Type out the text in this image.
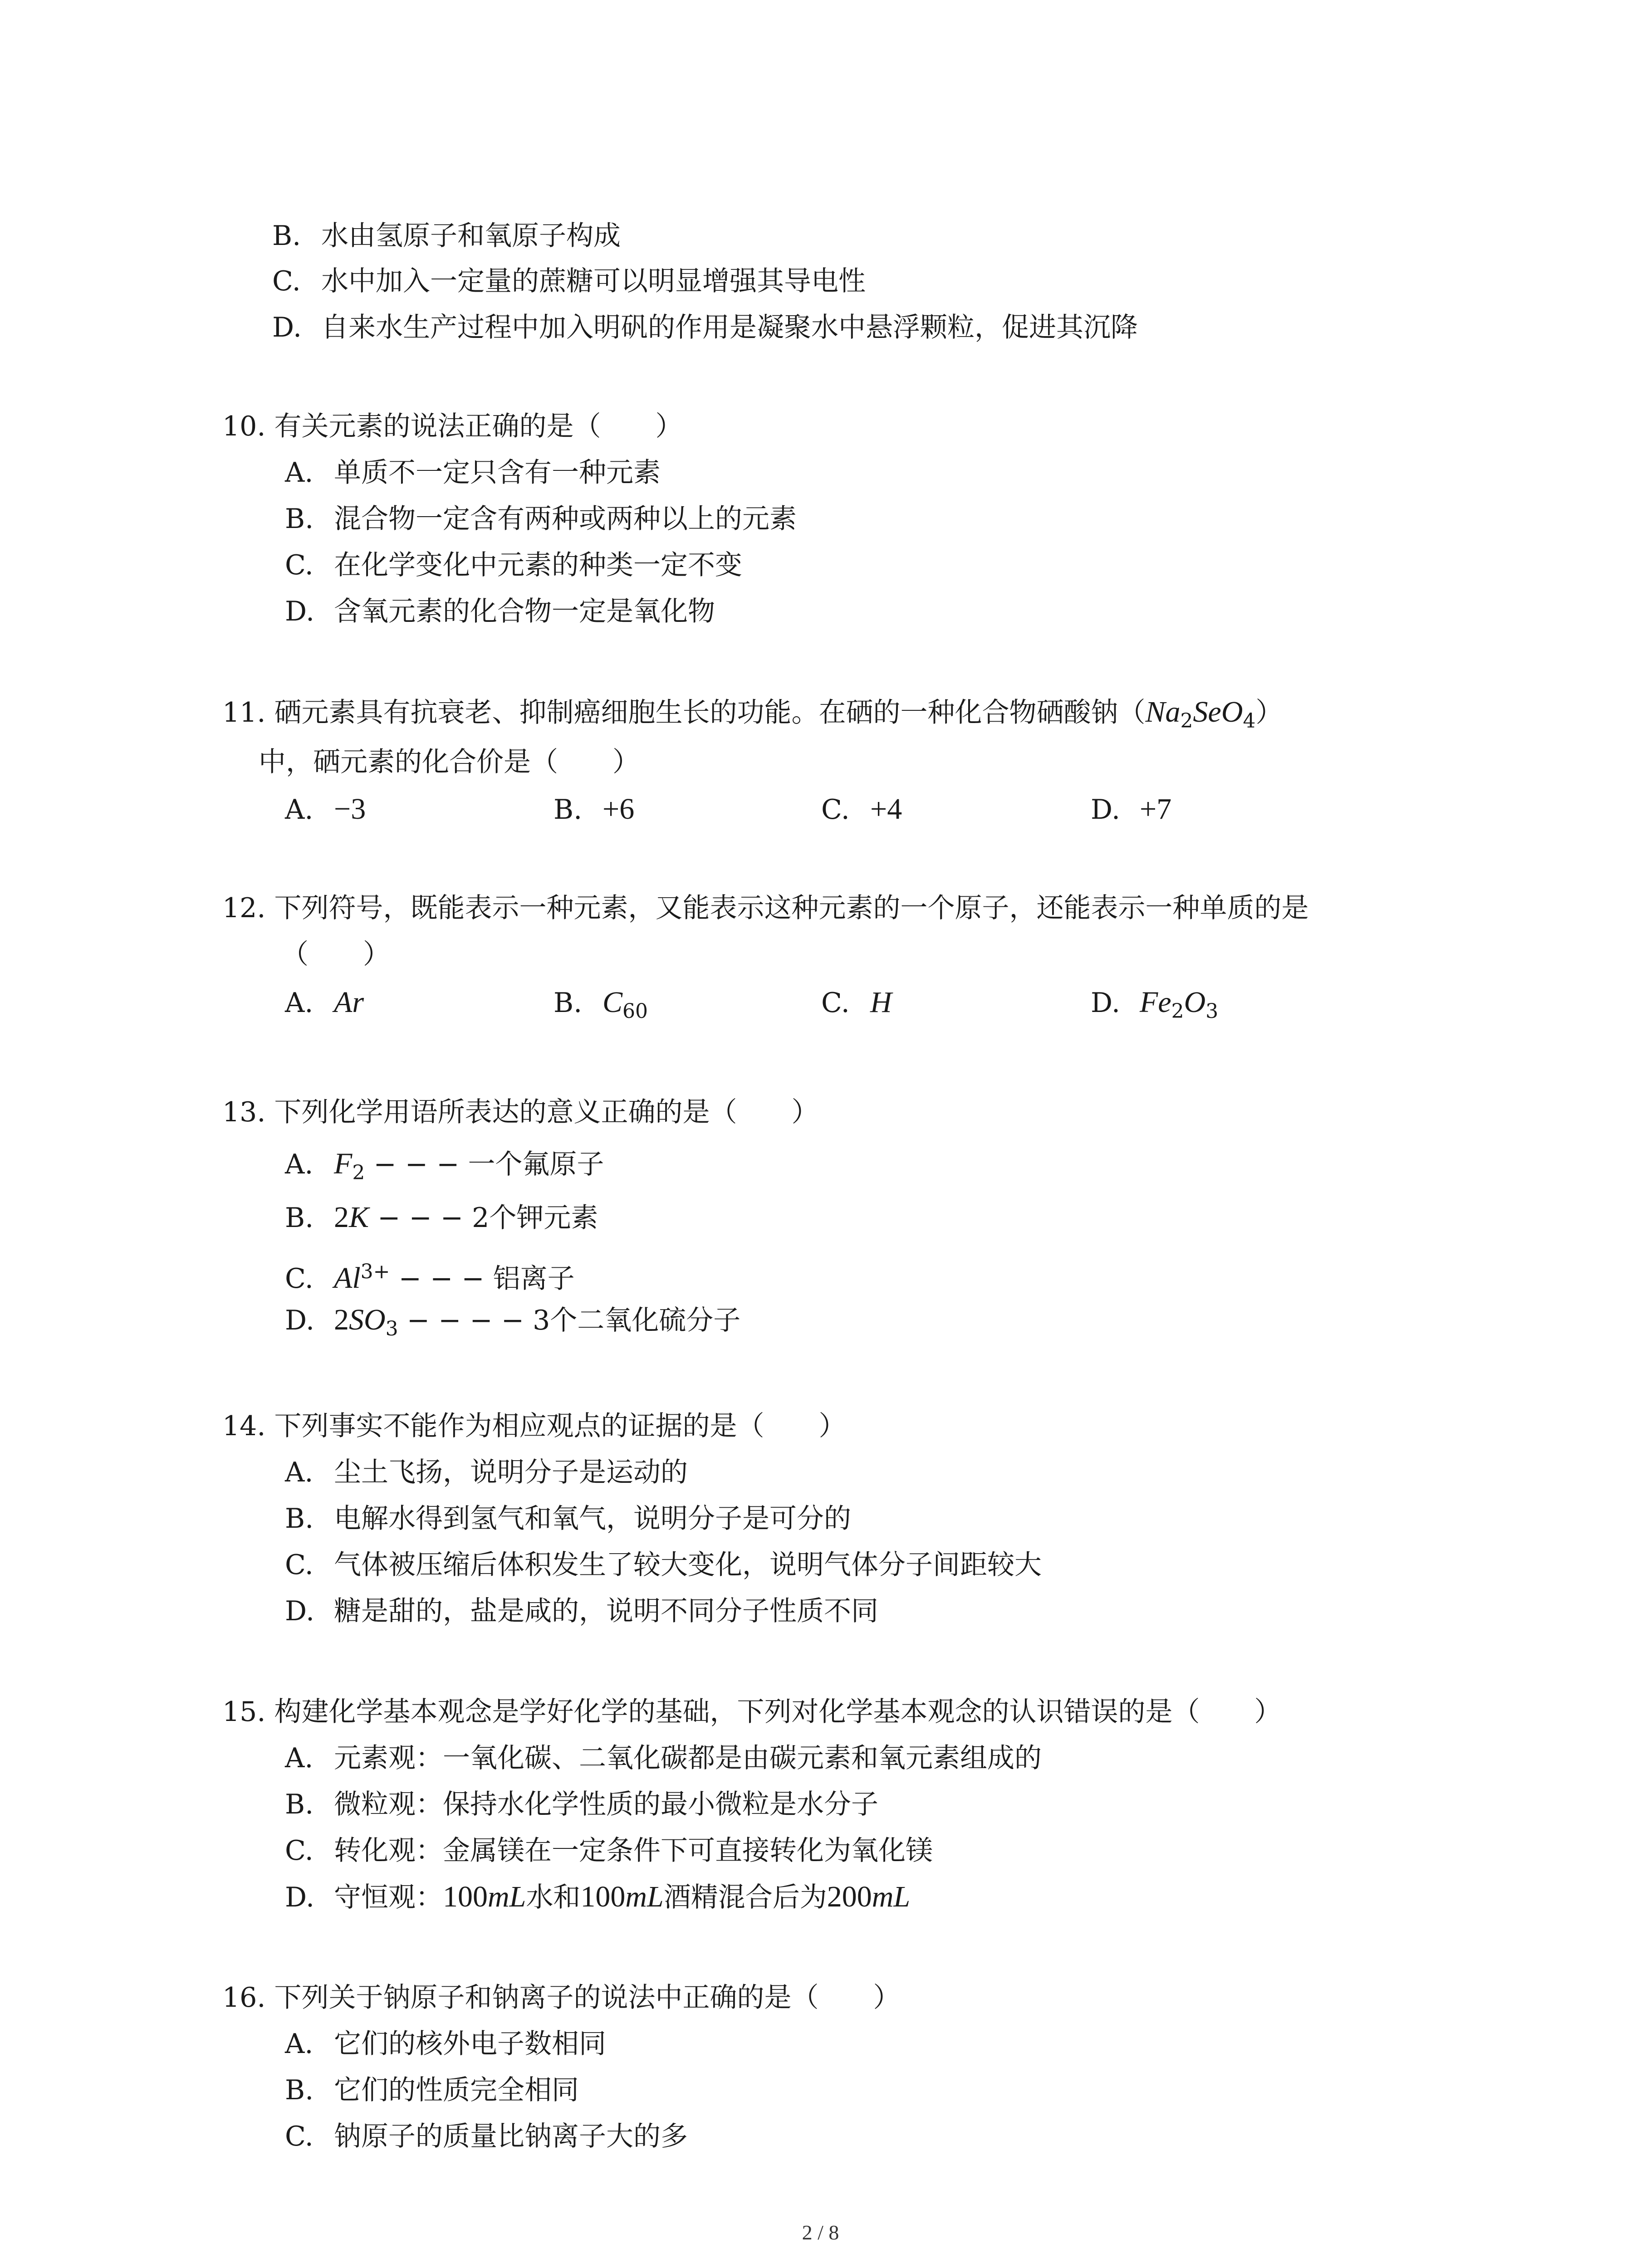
B. 水由氢原子和氧原子构成
C. 水中加入一定量的蔗糖可以明显增强其导电性
D. 自来水生产过程中加入明矾的作用是凝聚水中悬浮颗粒，促进其沉降
10. 有关元素的说法正确的是（　　）
A. 单质不一定只含有一种元素
B. 混合物一定含有两种或两种以上的元素
C. 在化学变化中元素的种类一定不变
D. 含氧元素的化合物一定是氧化物
11. 硒元素具有抗衰老、抑制癌细胞生长的功能。在硒的一种化合物硒酸钠$(Na_2SeO_4)$
中，硒元素的化合价是（　　）
A. −3	B. +6	C. +4	D. +7
12. 下列符号，既能表示一种元素，又能表示这种元素的一个原子，还能表示一种单质的是
（　　）
A. Ar	B. $C_{60}$	C. H	D. $Fe_2O_3$
13. 下列化学用语所表达的意义正确的是（　　）
A. $F_2$ − − − 一个氟原子
B. 2K − − − 2个钾元素
C. $Al^{3+}$ − − − 铝离子
D. $2SO_3$ − − − − 3个二氧化硫分子
14. 下列事实不能作为相应观点的证据的是（　　）
A. 尘土飞扬，说明分子是运动的
B. 电解水得到氢气和氧气，说明分子是可分的
C. 气体被压缩后体积发生了较大变化，说明气体分子间距较大
D. 糖是甜的，盐是咸的，说明不同分子性质不同
15. 构建化学基本观念是学好化学的基础，下列对化学基本观念的认识错误的是（　　）
A. 元素观：一氧化碳、二氧化碳都是由碳元素和氧元素组成的
B. 微粒观：保持水化学性质的最小微粒是水分子
C. 转化观：金属镁在一定条件下可直接转化为氧化镁
D. 守恒观：100mL水和100mL酒精混合后为200mL
16. 下列关于钠原子和钠离子的说法中正确的是（　　）
A. 它们的核外电子数相同
B. 它们的性质完全相同
C. 钠原子的质量比钠离子大的多
2 / 8
